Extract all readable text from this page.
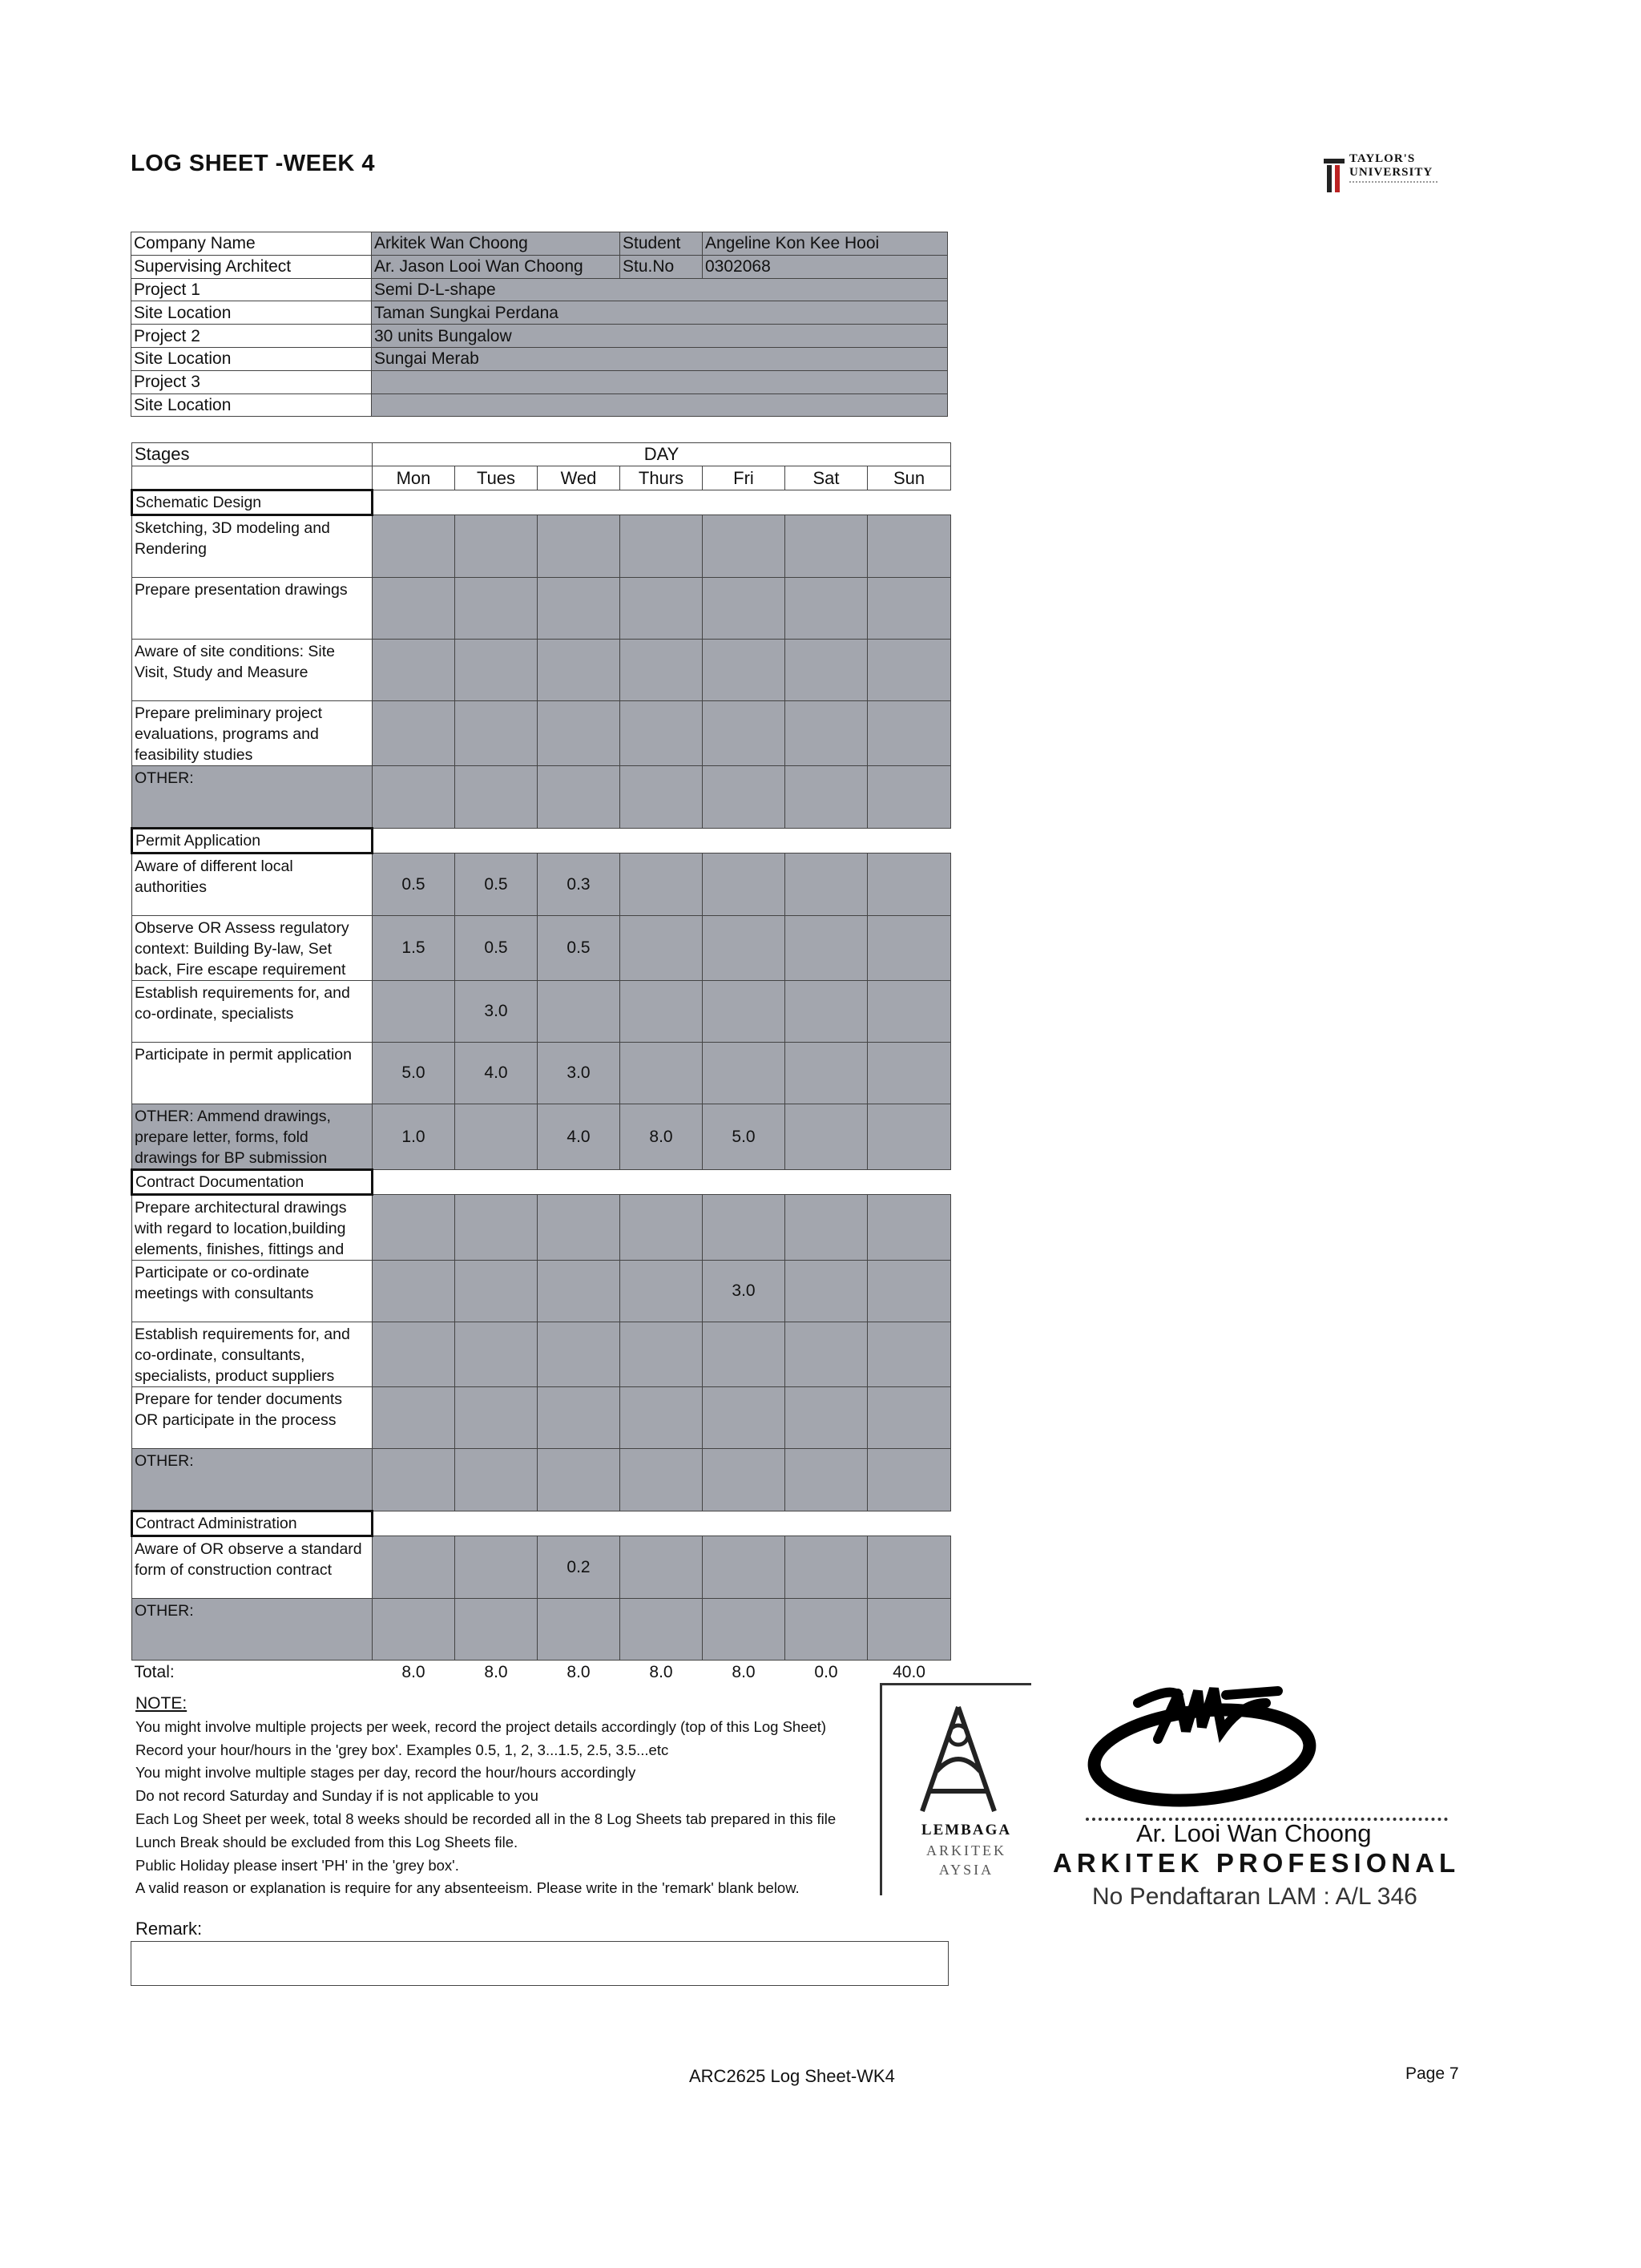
LOG SHEET -WEEK 4	TAYLOR'S
UNIVERSITY
Company Name	Arkitek Wan Choong	Student	Angeline Kon Kee Hooi
Supervising Architect	Ar. Jason Looi Wan Choong	Stu.No	0302068
Project 1	Semi D-L-shape		
Site Location	Taman Sungkai Perdana		
Project 2	30 units Bungalow		
Site Location	Sungai Merab		
Project 3			
Site Location			
Stages	DAY						
	Mon	Tues	Wed	Thurs	Fri	Sat	Sun
Schematic Design							
Sketching, 3D modeling and Rendering							
Prepare presentation drawings							
Aware of site conditions: Site Visit, Study and Measure							
Prepare preliminary project evaluations, programs and feasibility studies							
OTHER:							
Permit Application							
Aware of different local authorities	0.5	0.5	0.3				
Observe OR Assess regulatory context: Building By-law, Set back, Fire escape requirement	1.5	0.5	0.5				
Establish requirements for, and co-ordinate, specialists		3.0					
Participate in permit application	5.0	4.0	3.0				
OTHER: Ammend drawings, prepare letter, forms, fold drawings for BP submission	1.0		4.0	8.0	5.0		
Contract Documentation							
Prepare architectural drawings with regard to location,building elements, finishes, fittings and							
Participate or co-ordinate meetings with consultants					3.0		
Establish requirements for, and co-ordinate, consultants, specialists, product suppliers							
Prepare for tender documents OR participate in the process							
OTHER:							
Contract Administration							
Aware of OR observe a standard form of construction contract			0.2				
OTHER:							
Total:	8.0	8.0	8.0	8.0	8.0	0.0	40.0
NOTE:
You might involve multiple projects per week, record the project details accordingly (top of this Log Sheet)
Record your hour/hours in the 'grey box'. Examples 0.5, 1, 2, 3...1.5, 2.5, 3.5...etc
You might involve multiple stages per day, record the hour/hours accordingly
Do not record Saturday and Sunday if is not applicable to you
Each Log Sheet per week, total 8 weeks should be recorded all in the 8 Log Sheets tab prepared in this file
Lunch Break should be excluded from this Log Sheets file.
Public Holiday please insert 'PH' in the 'grey box'.
A valid reason or explanation is require for any absenteeism. Please write in the 'remark' blank below.
Remark:
LEMBAGA
ARKITEK
AYSIA
Ar. Looi Wan Choong
ARKITEK PROFESIONAL
No Pendaftaran LAM : A/L 346
ARC2625 Log Sheet-WK4	Page 7
